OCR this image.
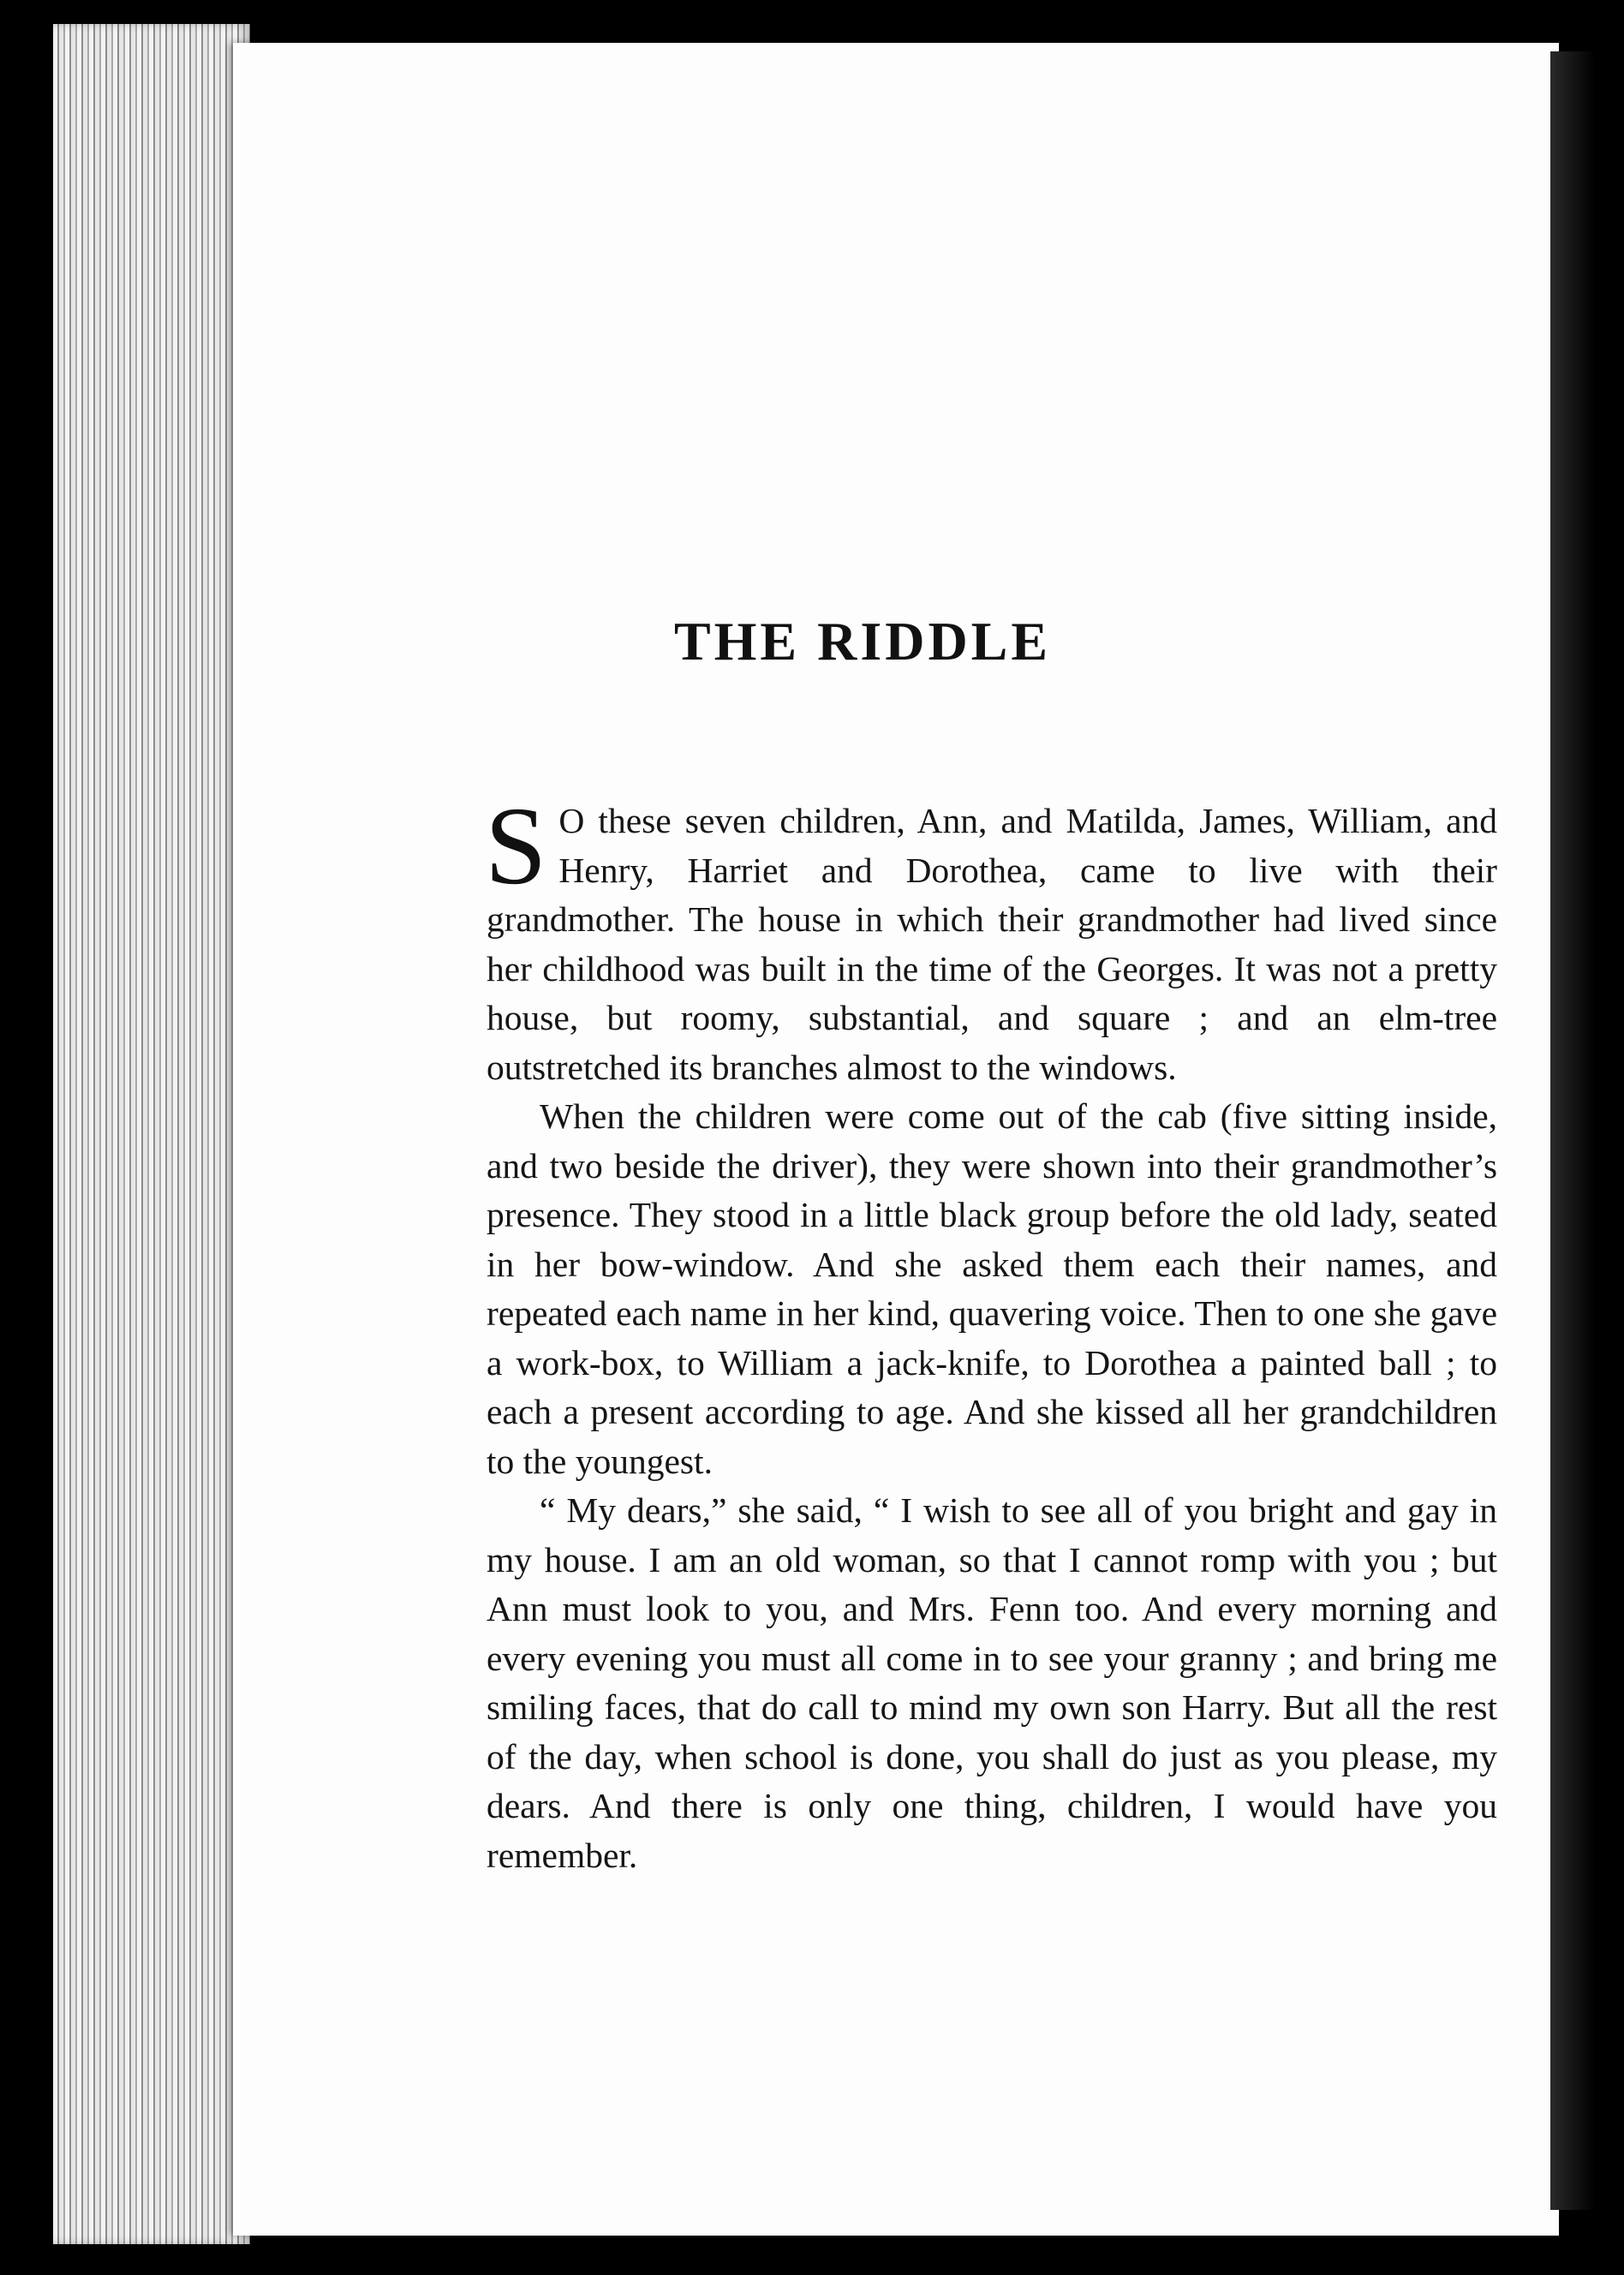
THE RIDDLE

S O these seven children, Ann, and Matilda, James, William, and Henry, Harriet and Dorothea, came to live with their grandmother. The house in which their grandmother had lived since her childhood was built in the time of the Georges. It was not a pretty house, but roomy, substantial, and square ; and an elm-tree outstretched its branches almost to the windows.

When the children were come out of the cab (five sitting inside, and two beside the driver), they were shown into their grandmother’s presence. They stood in a little black group before the old lady, seated in her bow-window. And she asked them each their names, and repeated each name in her kind, quavering voice. Then to one she gave a work-box, to William a jack-knife, to Dorothea a painted ball ; to each a present according to age. And she kissed all her grandchildren to the youngest.

“ My dears,” she said, “ I wish to see all of you bright and gay in my house. I am an old woman, so that I cannot romp with you ; but Ann must look to you, and Mrs. Fenn too. And every morning and every evening you must all come in to see your granny ; and bring me smiling faces, that do call to mind my own son Harry. But all the rest of the day, when school is done, you shall do just as you please, my dears. And there is only one thing, children, I would have you remember.
